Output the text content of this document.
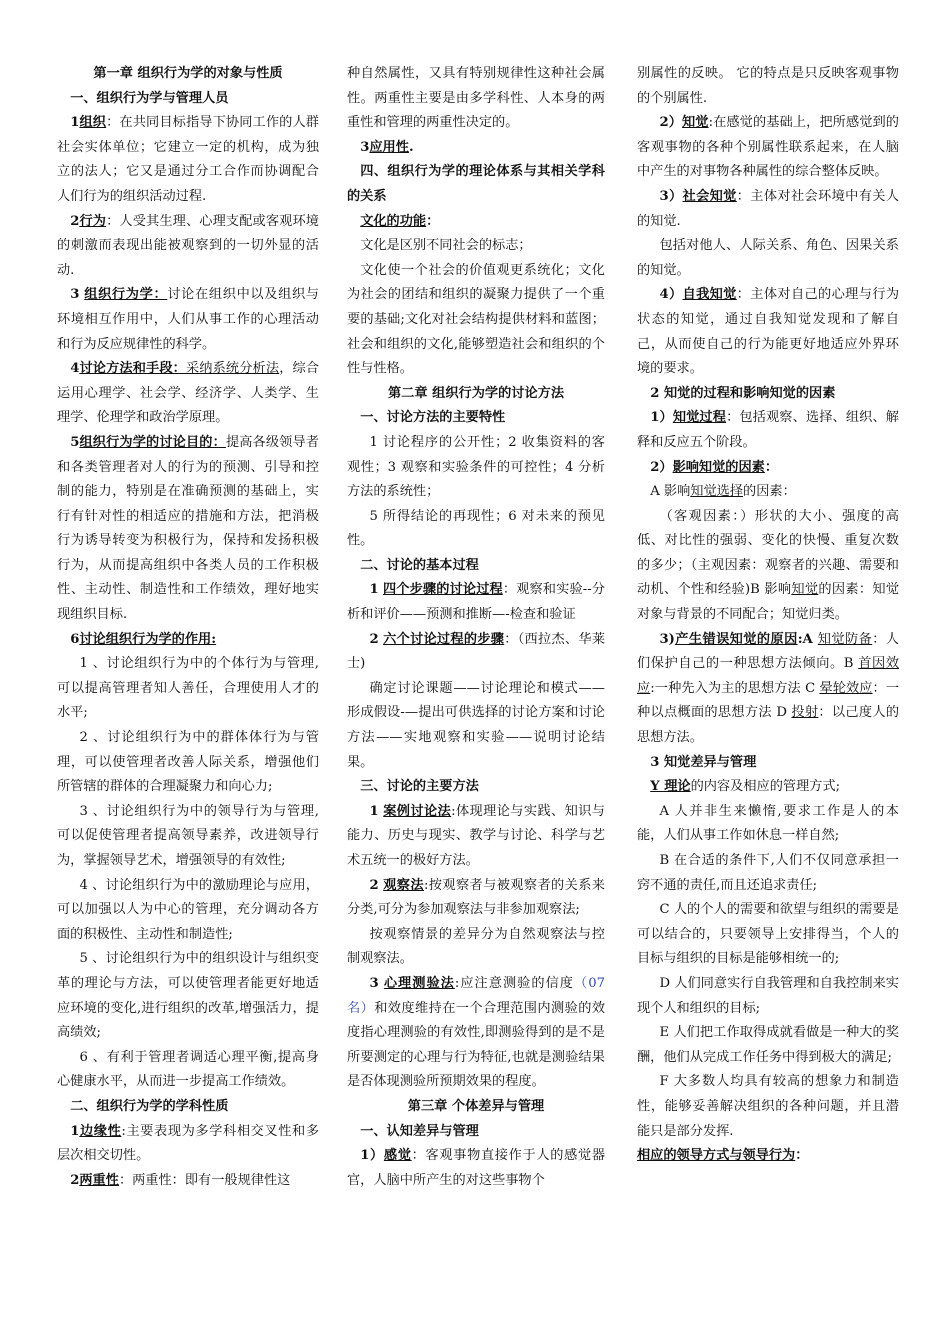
第一章 组织行为学的对象与性质

一、组织行为学与管理人员

1组织：在共同目标指导下协同工作的人群社会实体单位；它建立一定的机构，成为独立的法人；它又是通过分工合作而协调配合人们行为的组织活动过程.

2行为：人受其生理、心理支配或客观环境的刺激而表现出能被观察到的一切外显的活动.

3 组织行为学：讨论在组织中以及组织与环境相互作用中，人们从事工作的心理活动和行为反应规律性的科学。

4讨论方法和手段：采纳系统分析法，综合运用心理学、社会学、经济学、人类学、生理学、伦理学和政治学原理。

5组织行为学的讨论目的：提高各级领导者和各类管理者对人的行为的预测、引导和控制的能力，特别是在准确预测的基础上，实行有针对性的相适应的措施和方法，把消极行为诱导转变为积极行为，保持和发扬积极行为，从而提高组织中各类人员的工作积极性、主动性、制造性和工作绩效，理好地实现组织目标.

6讨论组织行为学的作用:

1 、讨论组织行为中的个体行为与管理,可以提高管理者知人善任，合理使用人才的水平;

2 、讨论组织行为中的群体体行为与管理，可以使管理者改善人际关系，增强他们所管辖的群体的合理凝聚力和向心力;

3 、讨论组织行为中的领导行为与管理,可以促使管理者提高领导素养，改进领导行为，掌握领导艺术，增强领导的有效性;

4 、讨论组织行为中的激励理论与应用，可以加强以人为中心的管理，充分调动各方面的积极性、主动性和制造性;

5 、讨论组织行为中的组织设计与组织变革的理论与方法，可以使管理者能更好地适应环境的变化,进行组织的改革,增强活力，提高绩效;

6 、有利于管理者调适心理平衡,提高身心健康水平，从而进一步提高工作绩效。

二、组织行为学的学科性质

1边缘性:主要表现为多学科相交叉性和多层次相交切性。

2两重性：两重性：即有一般规律性这

种自然属性，又具有特别规律性这种社会属性。两重性主要是由多学科性、人本身的两重性和管理的两重性决定的。

3应用性.

四、组织行为学的理论体系与其相关学科的关系

文化的功能：

文化是区别不同社会的标志；

文化使一个社会的价值观更系统化；文化为社会的团结和组织的凝聚力提供了一个重要的基础;文化对社会结构提供材料和蓝图；社会和组织的文化,能够塑造社会和组织的个性与性格。

第二章 组织行为学的讨论方法

一、讨论方法的主要特性

1 讨论程序的公开性；2 收集资料的客观性；3 观察和实验条件的可控性；4 分析方法的系统性；

5 所得结论的再现性；6 对未来的预见性。

二、讨论的基本过程

1 四个步骤的讨论过程：观察和实验--分析和评价——预测和推断—-检查和验证

2 六个讨论过程的步骤：（西拉杰、华莱士)

确定讨论课题——讨论理论和模式——形成假设-—提出可供选择的讨论方案和讨论方法——实地观察和实验——说明讨论结果。

三、讨论的主要方法

1 案例讨论法:体现理论与实践、知识与能力、历史与现实、教学与讨论、科学与艺术五统一的极好方法。

2 观察法:按观察者与被观察者的关系来分类,可分为参加观察法与非参加观察法;

按观察情景的差异分为自然观察法与控制观察法。

3 心理测验法:应注意测验的信度（07 名）和效度维持在一个合理范围内测验的效度指心理测验的有效性,即测验得到的是不是所要测定的心理与行为特征,也就是测验结果是否体现测验所预期效果的程度。

第三章 个体差异与管理

一、认知差异与管理

1）感觉：客观事物直接作于人的感觉器官，人脑中所产生的对这些事物个

别属性的反映。 它的特点是只反映客观事物的个别属性.

2）知觉:在感觉的基础上，把所感觉到的客观事物的各种个别属性联系起来，在人脑中产生的对事物各种属性的综合整体反映。

3）社会知觉：主体对社会环境中有关人的知觉.

包括对他人、人际关系、角色、因果关系的知觉。

4）自我知觉：主体对自己的心理与行为状态的知觉，通过自我知觉发现和了解自己，从而使自己的行为能更好地适应外界环境的要求。

2 知觉的过程和影响知觉的因素

1）知觉过程：包括观察、选择、组织、解释和反应五个阶段。

2）影响知觉的因素：

A 影响知觉选择的因素：

（客观因素：）形状的大小、强度的高低、对比性的强弱、变化的快慢、重复次数的多少；（主观因素：观察者的兴趣、需要和动机、个性和经验)B 影响知觉的因素：知觉对象与背景的不同配合；知觉归类。

3)产生错误知觉的原因:A 知觉防备：人们保护自己的一种思想方法倾向。B 首因效应:一种先入为主的思想方法 C 晕轮效应：一种以点概面的思想方法 D 投射：以己度人的思想方法。

3 知觉差异与管理

Y 理论的内容及相应的管理方式;

A 人并非生来懒惰,要求工作是人的本能，人们从事工作如休息一样自然;

B 在合适的条件下,人们不仅同意承担一窍不通的责任,而且还追求责任;

C 人的个人的需要和欲望与组织的需要是可以结合的，只要领导上安排得当，个人的目标与组织的目标是能够相统一的;

D 人们同意实行自我管理和自我控制来实现个人和组织的目标;

E 人们把工作取得成就看做是一种大的奖酬，他们从完成工作任务中得到极大的满足;

F 大多数人均具有较高的想象力和制造性，能够妥善解决组织的各种问题，并且潜能只是部分发挥.

相应的领导方式与领导行为：
